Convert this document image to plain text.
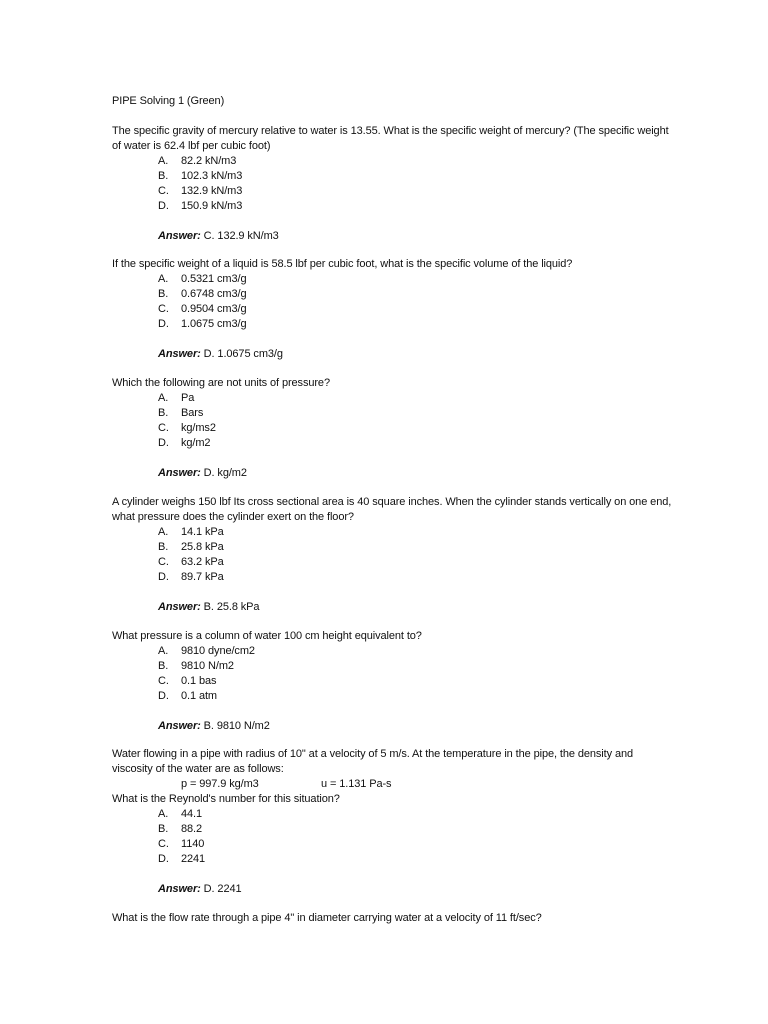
PIPE Solving 1 (Green)

The specific gravity of mercury relative to water is 13.55. What is the specific weight of mercury? (The specific weight of water is 62.4 lbf per cubic foot)

A.	82.2 kN/m3
B.	102.3 kN/m3
C.	132.9 kN/m3
D.	150.9 kN/m3
Answer: C. 132.9 kN/m3

If the specific weight of a liquid is 58.5 lbf per cubic foot, what is the specific volume of the liquid?

A.	0.5321 cm3/g
B.	0.6748 cm3/g
C.	0.9504 cm3/g
D.	1.0675 cm3/g
Answer: D. 1.0675 cm3/g

Which the following are not units of pressure?

A.	Pa
B.	Bars
C.	kg/ms2
D.	kg/m2
Answer: D. kg/m2

A cylinder weighs 150 lbf Its cross sectional area is 40 square inches. When the cylinder stands vertically on one end, what pressure does the cylinder exert on the floor?

A.	14.1 kPa
B.	25.8 kPa
C.	63.2 kPa
D.	89.7 kPa
Answer: B. 25.8 kPa

What pressure is a column of water 100 cm height equivalent to?

A.	9810 dyne/cm2
B.	9810 N/m2
C.	0.1 bas
D.	0.1 atm
Answer: B. 9810 N/m2

Water flowing in a pipe with radius of 10" at a velocity of 5 m/s. At the temperature in the pipe, the density and viscosity of the water are as follows:

p = 997.9 kg/m3	u = 1.131 Pa-s

What is the Reynold's number for this situation?

A.	44.1
B.	88.2
C.	1140
D.	2241
Answer: D. 2241

What is the flow rate through a pipe 4" in diameter carrying water at a velocity of 11 ft/sec?
